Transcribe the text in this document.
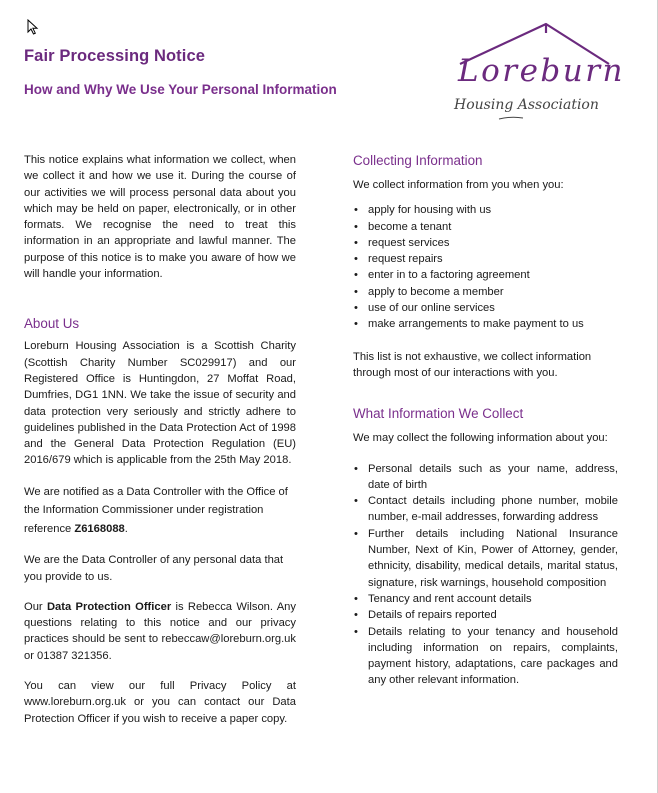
Fair Processing Notice
How and Why We Use Your Personal Information
Loreburn
Housing Association

This notice explains what information we collect, when we collect it and how we use it. During the course of our activities we will process personal data about you which may be held on paper, electronically, or in other formats. We recognise the need to treat this information in an appropriate and lawful manner. The purpose of this notice is to make you aware of how we will handle your information.

About Us

Loreburn Housing Association is a Scottish Charity (Scottish Charity Number SC029917) and our Registered Office is Huntingdon, 27 Moffat Road, Dumfries, DG1 1NN. We take the issue of security and data protection very seriously and strictly adhere to guidelines published in the Data Protection Act of 1998 and the General Data Protection Regulation (EU) 2016/679 which is applicable from the 25th May 2018.

We are notified as a Data Controller with the Office of the Information Commissioner under registration reference Z6168088.

We are the Data Controller of any personal data that you provide to us.

Our Data Protection Officer is Rebecca Wilson. Any questions relating to this notice and our privacy practices should be sent to rebeccaw@loreburn.org.uk or 01387 321356.

You can view our full Privacy Policy at www.loreburn.org.uk or you can contact our Data Protection Officer if you wish to receive a paper copy.

Collecting Information

We collect information from you when you:

• apply for housing with us
• become a tenant
• request services
• request repairs
• enter in to a factoring agreement
• apply to become a member
• use of our online services
• make arrangements to make payment to us

This list is not exhaustive, we collect information through most of our interactions with you.

What Information We Collect

We may collect the following information about you:

• Personal details such as your name, address, date of birth
• Contact details including phone number, mobile number, e-mail addresses, forwarding address
• Further details including National Insurance Number, Next of Kin, Power of Attorney, gender, ethnicity, disability, medical details, marital status, signature, risk warnings, household composition
• Tenancy and rent account details
• Details of repairs reported
• Details relating to your tenancy and household including information on repairs, complaints, payment history, adaptations, care packages and any other relevant information.
